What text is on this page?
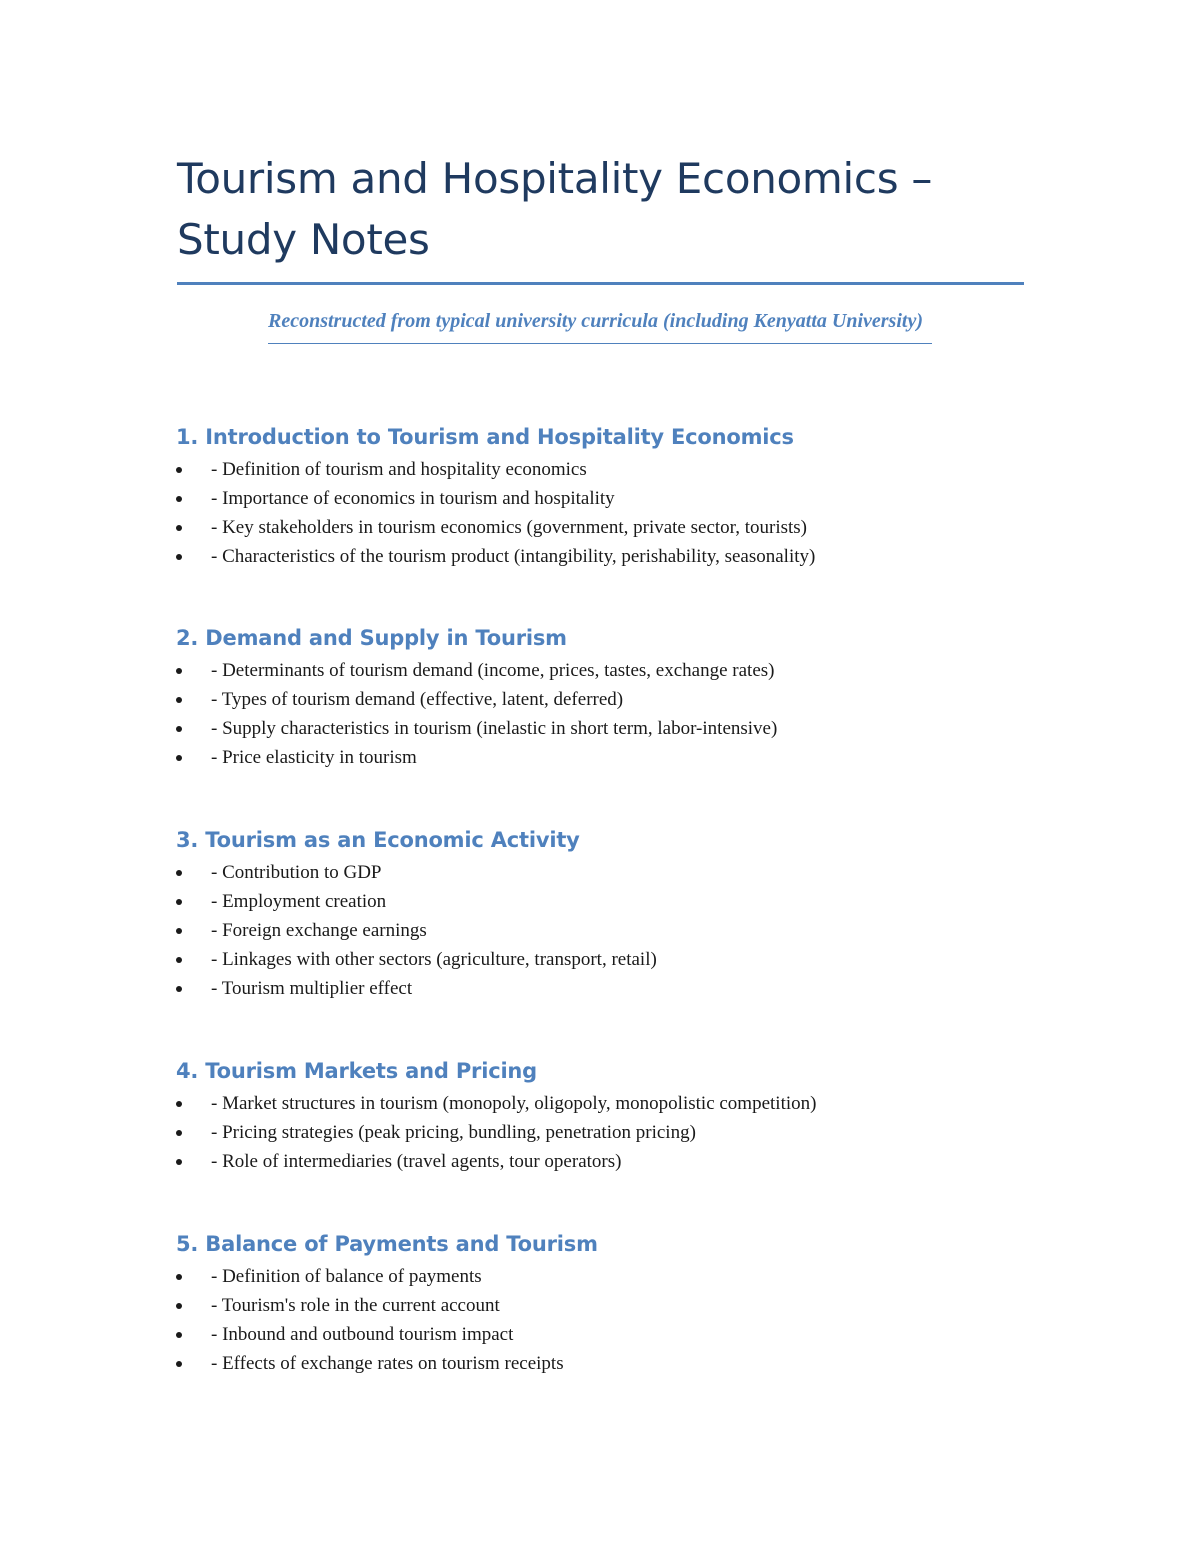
Tourism and Hospitality Economics –
Study Notes

Reconstructed from typical university curricula (including Kenyatta University)

1. Introduction to Tourism and Hospitality Economics
- Definition of tourism and hospitality economics
- Importance of economics in tourism and hospitality
- Key stakeholders in tourism economics (government, private sector, tourists)
- Characteristics of the tourism product (intangibility, perishability, seasonality)
2. Demand and Supply in Tourism
- Determinants of tourism demand (income, prices, tastes, exchange rates)
- Types of tourism demand (effective, latent, deferred)
- Supply characteristics in tourism (inelastic in short term, labor-intensive)
- Price elasticity in tourism
3. Tourism as an Economic Activity
- Contribution to GDP
- Employment creation
- Foreign exchange earnings
- Linkages with other sectors (agriculture, transport, retail)
- Tourism multiplier effect
4. Tourism Markets and Pricing
- Market structures in tourism (monopoly, oligopoly, monopolistic competition)
- Pricing strategies (peak pricing, bundling, penetration pricing)
- Role of intermediaries (travel agents, tour operators)
5. Balance of Payments and Tourism
- Definition of balance of payments
- Tourism's role in the current account
- Inbound and outbound tourism impact
- Effects of exchange rates on tourism receipts
